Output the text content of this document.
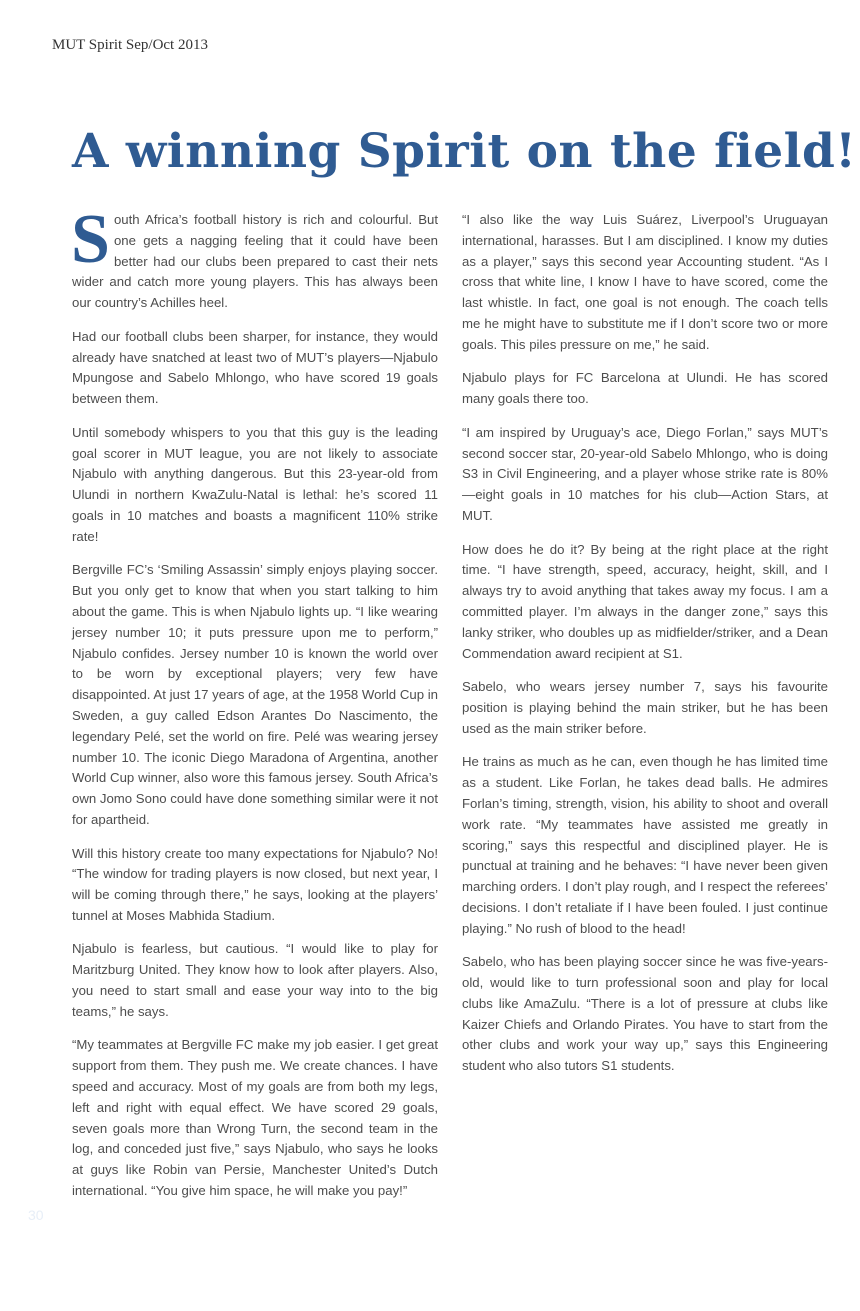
MUT Spirit Sep/Oct 2013
A winning Spirit on the field!

South Africa’s football history is rich and colourful. But one gets a nagging feeling that it could have been better had our clubs been prepared to cast their nets wider and catch more young players. This has always been our country’s Achilles heel.

Had our football clubs been sharper, for instance, they would already have snatched at least two of MUT’s players—Njabulo Mpungose and Sabelo Mhlongo, who have scored 19 goals between them.

Until somebody whispers to you that this guy is the leading goal scorer in MUT league, you are not likely to associate Njabulo with anything dangerous. But this 23-year-old from Ulundi in northern KwaZulu-Natal is lethal: he’s scored 11 goals in 10 matches and boasts a magnificent 110% strike rate!

Bergville FC’s ‘Smiling Assassin’ simply enjoys playing soccer. But you only get to know that when you start talking to him about the game. This is when Njabulo lights up. “I like wearing jersey number 10; it puts pressure upon me to perform,” Njabulo confides. Jersey number 10 is known the world over to be worn by exceptional players; very few have disappointed. At just 17 years of age, at the 1958 World Cup in Sweden, a guy called Edson Arantes Do Nascimento, the legendary Pelé, set the world on fire. Pelé was wearing jersey number 10. The iconic Diego Maradona of Argentina, another World Cup winner, also wore this famous jersey. South Africa’s own Jomo Sono could have done something similar were it not for apartheid.

Will this history create too many expectations for Njabulo? No! “The window for trading players is now closed, but next year, I will be coming through there,” he says, looking at the players’ tunnel at Moses Mabhida Stadium.

Njabulo is fearless, but cautious. “I would like to play for Maritzburg United. They know how to look after players. Also, you need to start small and ease your way into to the big teams,” he says.

“My teammates at Bergville FC make my job easier. I get great support from them. They push me. We create chances. I have speed and accuracy. Most of my goals are from both my legs, left and right with equal effect. We have scored 29 goals, seven goals more than Wrong Turn, the second team in the log, and conceded just five,” says Njabulo, who says he looks at guys like Robin van Persie, Manchester United’s Dutch international. “You give him space, he will make you pay!”

“I also like the way Luis Suárez, Liverpool’s Uruguayan international, harasses. But I am disciplined. I know my duties as a player,” says this second year Accounting student. “As I cross that white line, I know I have to have scored, come the last whistle. In fact, one goal is not enough. The coach tells me he might have to substitute me if I don’t score two or more goals. This piles pressure on me,” he said.

Njabulo plays for FC Barcelona at Ulundi. He has scored many goals there too.

“I am inspired by Uruguay’s ace, Diego Forlan,” says MUT’s second soccer star, 20-year-old Sabelo Mhlongo, who is doing S3 in Civil Engineering, and a player whose strike rate is 80% —eight goals in 10 matches for his club—Action Stars, at MUT.

How does he do it? By being at the right place at the right time. “I have strength, speed, accuracy, height, skill, and I always try to avoid anything that takes away my focus. I am a committed player. I’m always in the danger zone,” says this lanky striker, who doubles up as midfielder/striker, and a Dean Commendation award recipient at S1.

Sabelo, who wears jersey number 7, says his favourite position is playing behind the main striker, but he has been used as the main striker before.

He trains as much as he can, even though he has limited time as a student. Like Forlan, he takes dead balls. He admires Forlan’s timing, strength, vision, his ability to shoot and overall work rate. “My teammates have assisted me greatly in scoring,” says this respectful and disciplined player. He is punctual at training and he behaves: “I have never been given marching orders. I don’t play rough, and I respect the referees’ decisions. I don’t retaliate if I have been fouled. I just continue playing.” No rush of blood to the head!

Sabelo, who has been playing soccer since he was five-years-old, would like to turn professional soon and play for local clubs like AmaZulu. “There is a lot of pressure at clubs like Kaizer Chiefs and Orlando Pirates. You have to start from the other clubs and work your way up,” says this Engineering student who also tutors S1 students.

30
